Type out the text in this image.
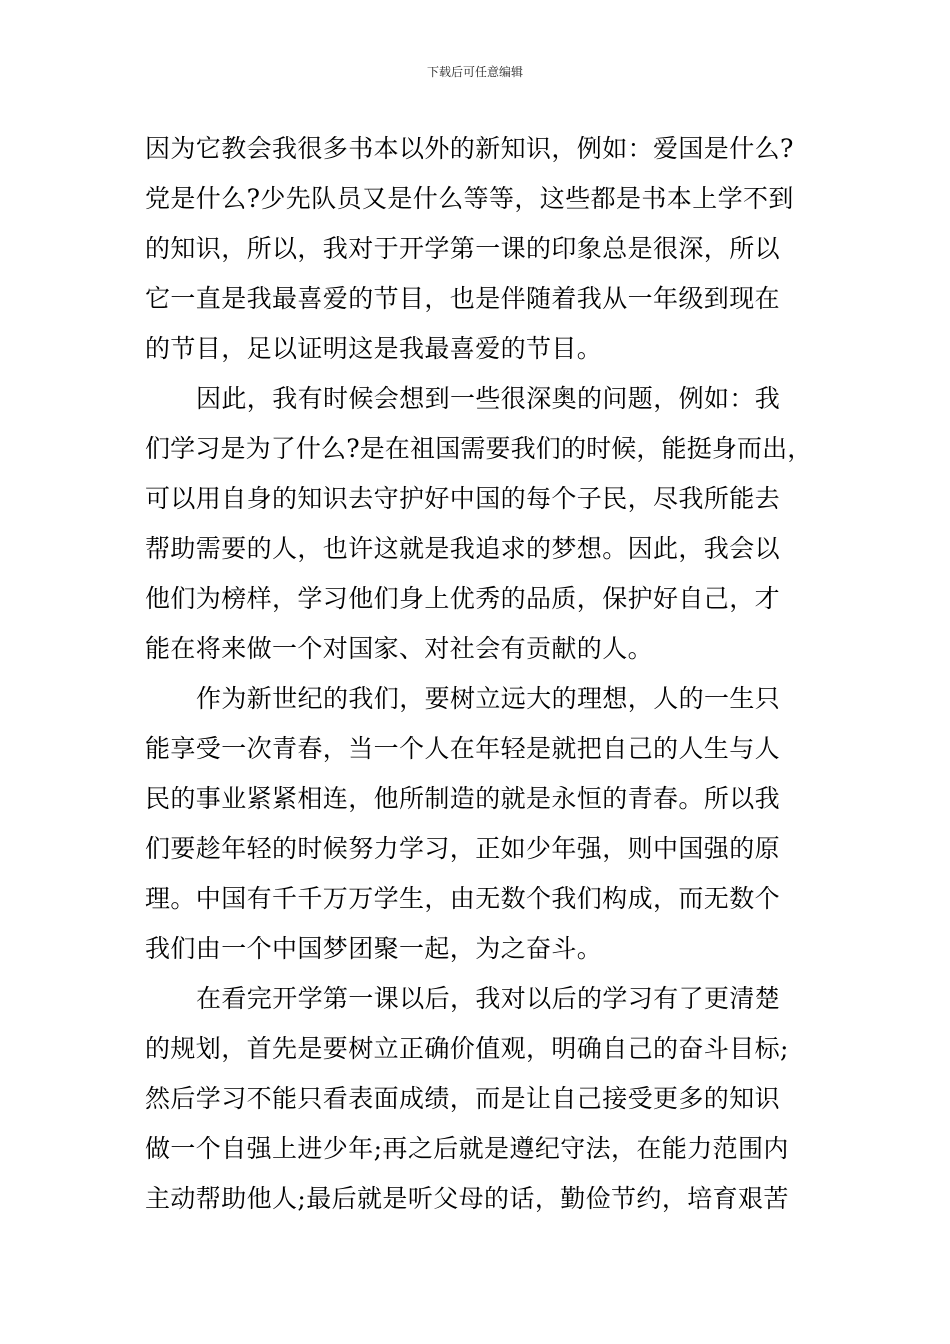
下载后可任意编辑
因为它教会我很多书本以外的新知识，例如：爱国是什么?
党是什么?少先队员又是什么等等，这些都是书本上学不到
的知识，所以，我对于开学第一课的印象总是很深，所以
它一直是我最喜爱的节目，也是伴随着我从一年级到现在
的节目，足以证明这是我最喜爱的节目。
因此，我有时候会想到一些很深奥的问题，例如：我
们学习是为了什么?是在祖国需要我们的时候，能挺身而出，
可以用自身的知识去守护好中国的每个子民，尽我所能去
帮助需要的人，也许这就是我追求的梦想。因此，我会以
他们为榜样，学习他们身上优秀的品质，保护好自己，才
能在将来做一个对国家、对社会有贡献的人。
作为新世纪的我们，要树立远大的理想，人的一生只
能享受一次青春，当一个人在年轻是就把自己的人生与人
民的事业紧紧相连，他所制造的就是永恒的青春。所以我
们要趁年轻的时候努力学习，正如少年强，则中国强的原
理。中国有千千万万学生，由无数个我们构成，而无数个
我们由一个中国梦团聚一起，为之奋斗。
在看完开学第一课以后，我对以后的学习有了更清楚
的规划，首先是要树立正确价值观，明确自己的奋斗目标;
然后学习不能只看表面成绩，而是让自己接受更多的知识
做一个自强上进少年;再之后就是遵纪守法，在能力范围内
主动帮助他人;最后就是听父母的话，勤俭节约，培育艰苦
